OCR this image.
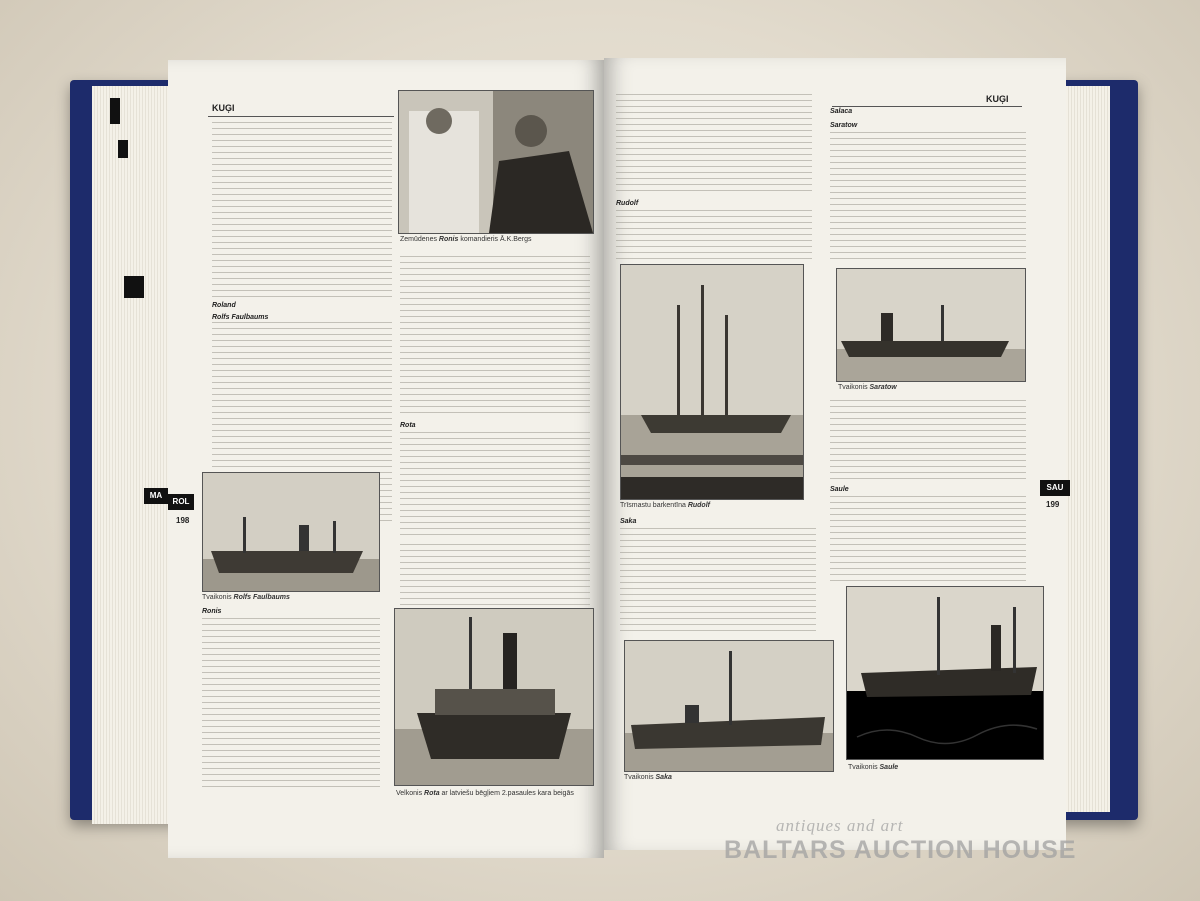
KUĢI
Roland
Rolfs Faulbaums
Zemūdenes Ronis komandieris Ā.K.Bergs
Rota
Tvaikonis Rolfs Faulbaums
Ronis
Velkonis Rota ar latviešu bēgļiem 2.pasaules kara beigās
MA
ROL
198
KUĢI
Rudolf
Trīsmastu barkentīna Rudolf
Saka
Tvaikonis Saka
Salaca
Saratow
Tvaikonis Saratow
Saule
Tvaikonis Saule
SAU
199
antiques and art
BALTARS AUCTION HOUSE
